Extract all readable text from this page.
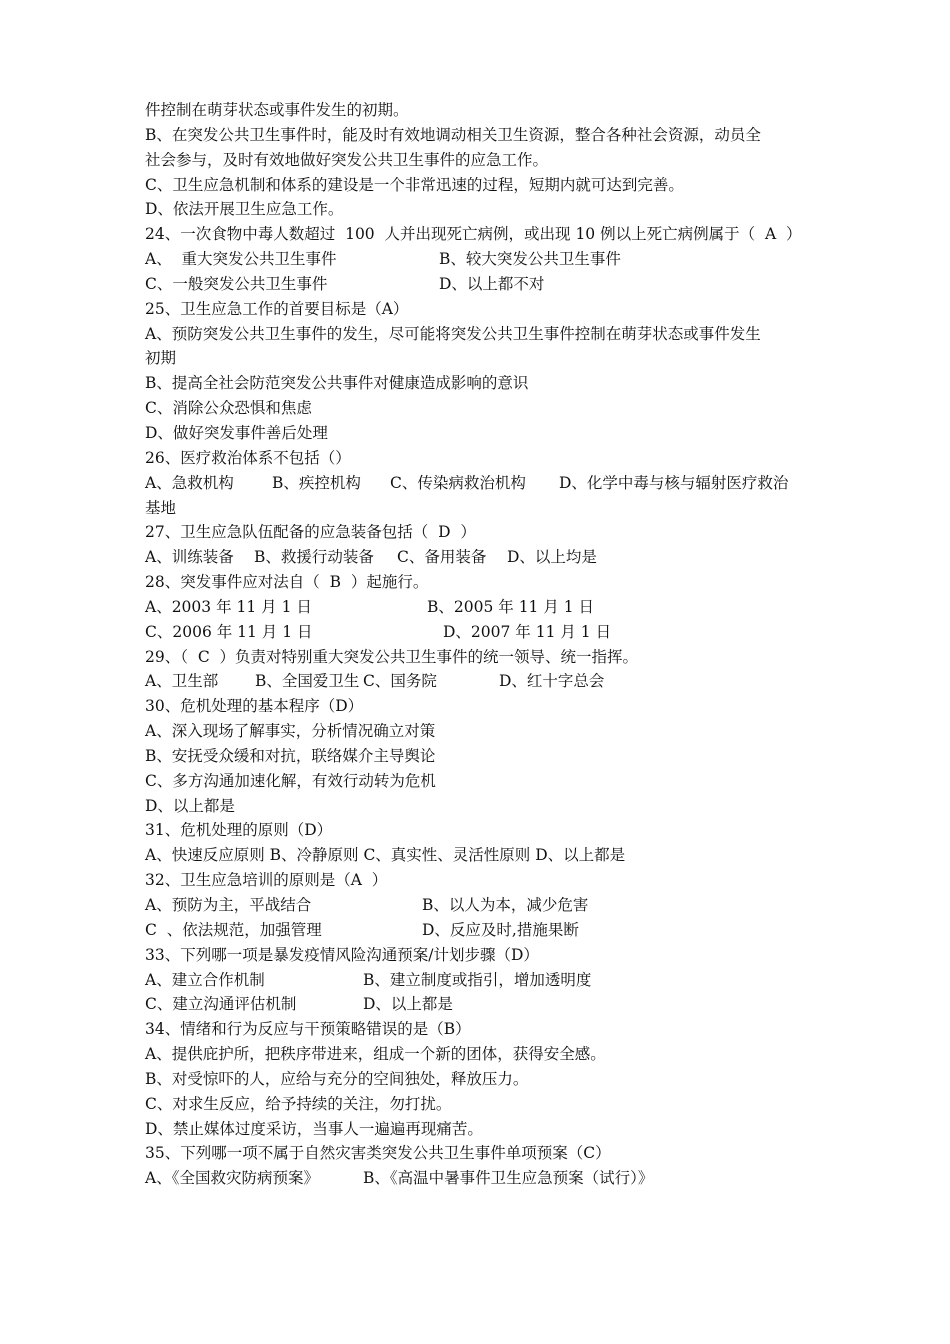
件控制在萌芽状态或事件发生的初期。
B、在突发公共卫生事件时，能及时有效地调动相关卫生资源，整合各种社会资源，动员全
社会参与，及时有效地做好突发公共卫生事件的应急工作。
C、卫生应急机制和体系的建设是一个非常迅速的过程，短期内就可达到完善。
D、依法开展卫生应急工作。
24、一次食物中毒人数超过  100  人并出现死亡病例，或出现 10 例以上死亡病例属于（  A  ）
A、  重大突发公共卫生事件	B、较大突发公共卫生事件
C、一般突发公共卫生事件	D、以上都不对
25、卫生应急工作的首要目标是（A）
A、预防突发公共卫生事件的发生，尽可能将突发公共卫生事件控制在萌芽状态或事件发生
初期
B、提高全社会防范突发公共事件对健康造成影响的意识
C、消除公众恐惧和焦虑
D、做好突发事件善后处理
26、医疗救治体系不包括（）
A、急救机构 B、疾控机构 C、传染病救治机构 D、化学中毒与核与辐射医疗救治
基地
27、卫生应急队伍配备的应急装备包括（  D  ）
A、训练装备 B、救援行动装备 C、备用装备 D、以上均是
28、突发事件应对法自（  B  ）起施行。
A、2003 年 11 月 1 日	B、2005 年 11 月 1 日
C、2006 年 11 月 1 日	D、2007 年 11 月 1 日
29、（  C  ）负责对特别重大突发公共卫生事件的统一领导、统一指挥。
A、卫生部 B、全国爱卫生 C、国务院	D、红十字总会
30、危机处理的基本程序（D）
A、深入现场了解事实，分析情况确立对策
B、安抚受众缓和对抗，联络媒介主导舆论
C、多方沟通加速化解，有效行动转为危机
D、以上都是
31、危机处理的原则（D）
A、快速反应原则 B、冷静原则 C、真实性、灵活性原则 D、以上都是
32、卫生应急培训的原则是（A  ）
A、预防为主，平战结合	B、以人为本，减少危害
C  、依法规范，加强管理	D、反应及时,措施果断
33、下列哪一项是暴发疫情风险沟通预案/计划步骤（D）
A、建立合作机制	B、建立制度或指引，增加透明度
C、建立沟通评估机制	D、以上都是
34、情绪和行为反应与干预策略错误的是（B）
A、提供庇护所，把秩序带进来，组成一个新的团体，获得安全感。
B、对受惊吓的人，应给与充分的空间独处，释放压力。
C、对求生反应，给予持续的关注，勿打扰。
D、禁止媒体过度采访，当事人一遍遍再现痛苦。
35、下列哪一项不属于自然灾害类突发公共卫生事件单项预案（C）
A、《全国救灾防病预案》	B、《高温中暑事件卫生应急预案（试行）》
